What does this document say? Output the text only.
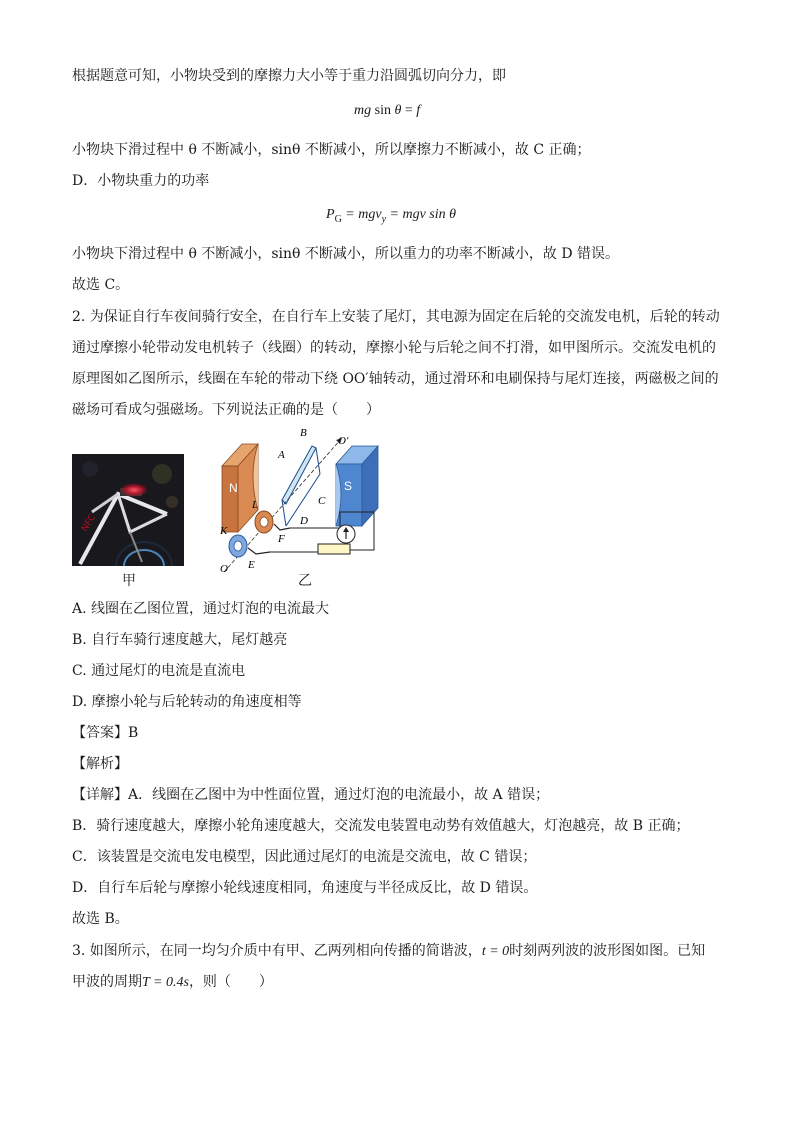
根据题意可知，小物块受到的摩擦力大小等于重力沿圆弧切向分力，即
mg sin θ = f
小物块下滑过程中 θ 不断减小，sinθ 不断减小，所以摩擦力不断减小，故 C 正确；
D．小物块重力的功率
$P_G = mgv_y$ = mgv sin θ
小物块下滑过程中 θ 不断减小，sinθ 不断减小，所以重力的功率不断减小，故 D 错误。
故选 C。
2. 为保证自行车夜间骑行安全，在自行车上安装了尾灯，其电源为固定在后轮的交流发电机，后轮的转动
通过摩擦小轮带动发电机转子（线圈）的转动，摩擦小轮与后轮之间不打滑，如甲图所示。交流发电机的
原理图如乙图所示，线圈在车轮的带动下绕 OO′轴转动，通过滑环和电刷保持与尾灯连接，两磁极之间的
磁场可看成匀强磁场。下列说法正确的是（　　）
NFC
甲
N	S
B
A
O′
C
D
L
K
F
E
O
乙
A. 线圈在乙图位置，通过灯泡的电流最大
B. 自行车骑行速度越大，尾灯越亮
C. 通过尾灯的电流是直流电
D. 摩擦小轮与后轮转动的角速度相等
【答案】B
【解析】
【详解】A．线圈在乙图中为中性面位置，通过灯泡的电流最小，故 A 错误；
B．骑行速度越大，摩擦小轮角速度越大，交流发电装置电动势有效值越大，灯泡越亮，故 B 正确；
C．该装置是交流电发电模型，因此通过尾灯的电流是交流电，故 C 错误；
D．自行车后轮与摩擦小轮线速度相同，角速度与半径成反比，故 D 错误。
故选 B。
3. 如图所示，在同一均匀介质中有甲、乙两列相向传播的简谐波，t = 0时刻两列波的波形图如图。已知
甲波的周期T = 0.4s，则（　　）
